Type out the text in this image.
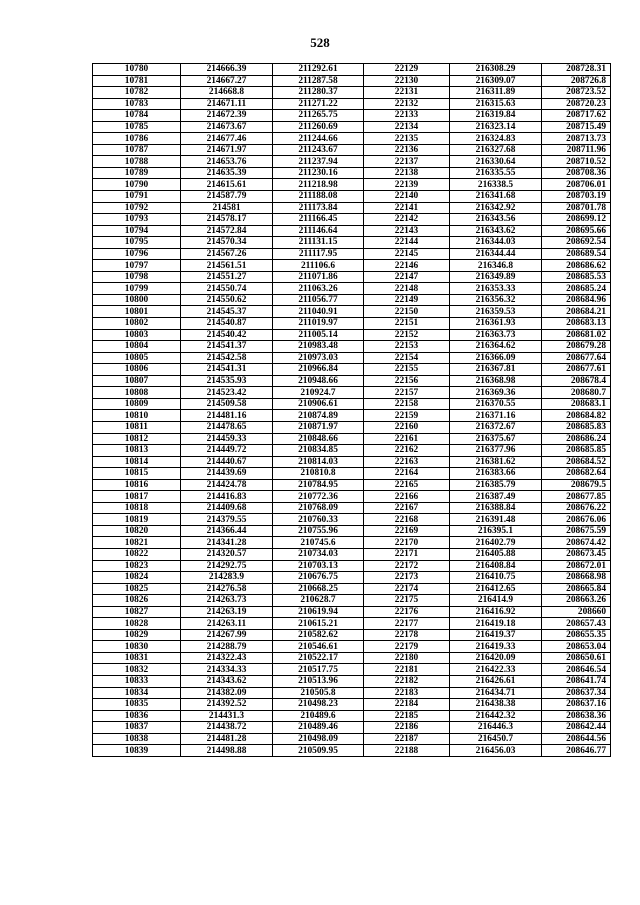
528
10780	214666.39	211292.61	22129	216308.29	208728.31
10781	214667.27	211287.58	22130	216309.07	208726.8
10782	214668.8	211280.37	22131	216311.89	208723.52
10783	214671.11	211271.22	22132	216315.63	208720.23
10784	214672.39	211265.75	22133	216319.84	208717.62
10785	214673.67	211260.69	22134	216323.14	208715.49
10786	214677.46	211244.66	22135	216324.83	208713.73
10787	214671.97	211243.67	22136	216327.68	208711.96
10788	214653.76	211237.94	22137	216330.64	208710.52
10789	214635.39	211230.16	22138	216335.55	208708.36
10790	214615.61	211218.98	22139	216338.5	208706.01
10791	214587.79	211188.08	22140	216341.68	208703.19
10792	214581	211173.84	22141	216342.92	208701.78
10793	214578.17	211166.45	22142	216343.56	208699.12
10794	214572.84	211146.64	22143	216343.62	208695.66
10795	214570.34	211131.15	22144	216344.03	208692.54
10796	214567.26	211117.95	22145	216344.44	208689.54
10797	214561.51	211106.6	22146	216346.8	208686.62
10798	214551.27	211071.86	22147	216349.89	208685.53
10799	214550.74	211063.26	22148	216353.33	208685.24
10800	214550.62	211056.77	22149	216356.32	208684.96
10801	214545.37	211040.91	22150	216359.53	208684.21
10802	214540.87	211019.97	22151	216361.93	208683.13
10803	214540.42	211005.14	22152	216363.73	208681.02
10804	214541.37	210983.48	22153	216364.62	208679.28
10805	214542.58	210973.03	22154	216366.09	208677.64
10806	214541.31	210966.84	22155	216367.81	208677.61
10807	214535.93	210948.66	22156	216368.98	208678.4
10808	214523.42	210924.7	22157	216369.36	208680.7
10809	214509.58	210906.61	22158	216370.55	208683.1
10810	214481.16	210874.89	22159	216371.16	208684.82
10811	214478.65	210871.97	22160	216372.67	208685.83
10812	214459.33	210848.66	22161	216375.67	208686.24
10813	214449.72	210834.85	22162	216377.96	208685.85
10814	214440.67	210814.03	22163	216381.62	208684.52
10815	214439.69	210810.8	22164	216383.66	208682.64
10816	214424.78	210784.95	22165	216385.79	208679.5
10817	214416.83	210772.36	22166	216387.49	208677.85
10818	214409.68	210768.09	22167	216388.84	208676.22
10819	214379.55	210760.33	22168	216391.48	208676.06
10820	214366.44	210755.96	22169	216395.1	208675.59
10821	214341.28	210745.6	22170	216402.79	208674.42
10822	214320.57	210734.03	22171	216405.88	208673.45
10823	214292.75	210703.13	22172	216408.84	208672.01
10824	214283.9	210676.75	22173	216410.75	208668.98
10825	214276.58	210668.25	22174	216412.65	208665.84
10826	214263.73	210628.7	22175	216414.9	208663.26
10827	214263.19	210619.94	22176	216416.92	208660
10828	214263.11	210615.21	22177	216419.18	208657.43
10829	214267.99	210582.62	22178	216419.37	208655.35
10830	214288.79	210546.61	22179	216419.33	208653.04
10831	214322.43	210522.17	22180	216420.09	208650.61
10832	214334.33	210517.75	22181	216422.33	208646.54
10833	214343.62	210513.96	22182	216426.61	208641.74
10834	214382.09	210505.8	22183	216434.71	208637.34
10835	214392.52	210498.23	22184	216438.38	208637.16
10836	214431.3	210489.6	22185	216442.32	208638.36
10837	214438.72	210489.46	22186	216446.3	208642.44
10838	214481.28	210498.09	22187	216450.7	208644.56
10839	214498.88	210509.95	22188	216456.03	208646.77
